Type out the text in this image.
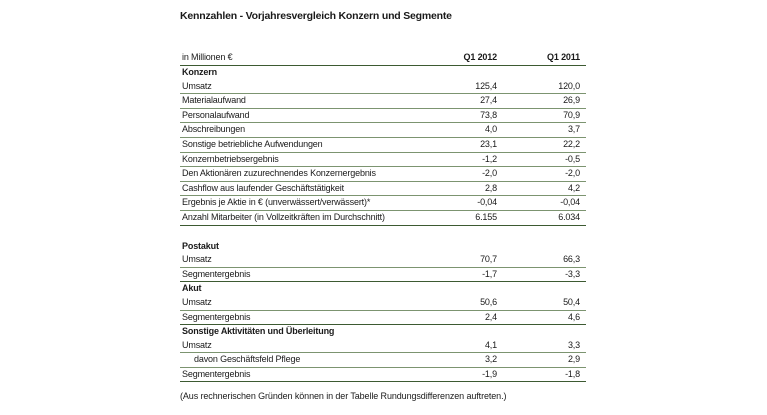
Kennzahlen - Vorjahresvergleich Konzern und Segmente
in Millionen €	Q1 2012	Q1 2011
Konzern		
Umsatz	125,4	120,0
Materialaufwand	27,4	26,9
Personalaufwand	73,8	70,9
Abschreibungen	4,0	3,7
Sonstige betriebliche Aufwendungen	23,1	22,2
Konzernbetriebsergebnis	-1,2	-0,5
Den Aktionären zuzurechnendes Konzernergebnis	-2,0	-2,0
Cashflow aus laufender Geschäftstätigkeit	2,8	4,2
Ergebnis je Aktie in € (unverwässert/verwässert)*	-0,04	-0,04
Anzahl Mitarbeiter (in Vollzeitkräften im Durchschnitt)	6.155	6.034

Postakut		
Umsatz	70,7	66,3
Segmentergebnis	-1,7	-3,3
Akut		
Umsatz	50,6	50,4
Segmentergebnis	2,4	4,6
Sonstige Aktivitäten und Überleitung		
Umsatz	4,1	3,3
davon Geschäftsfeld Pflege	3,2	2,9
Segmentergebnis	-1,9	-1,8
(Aus rechnerischen Gründen können in der Tabelle Rundungsdifferenzen auftreten.)
